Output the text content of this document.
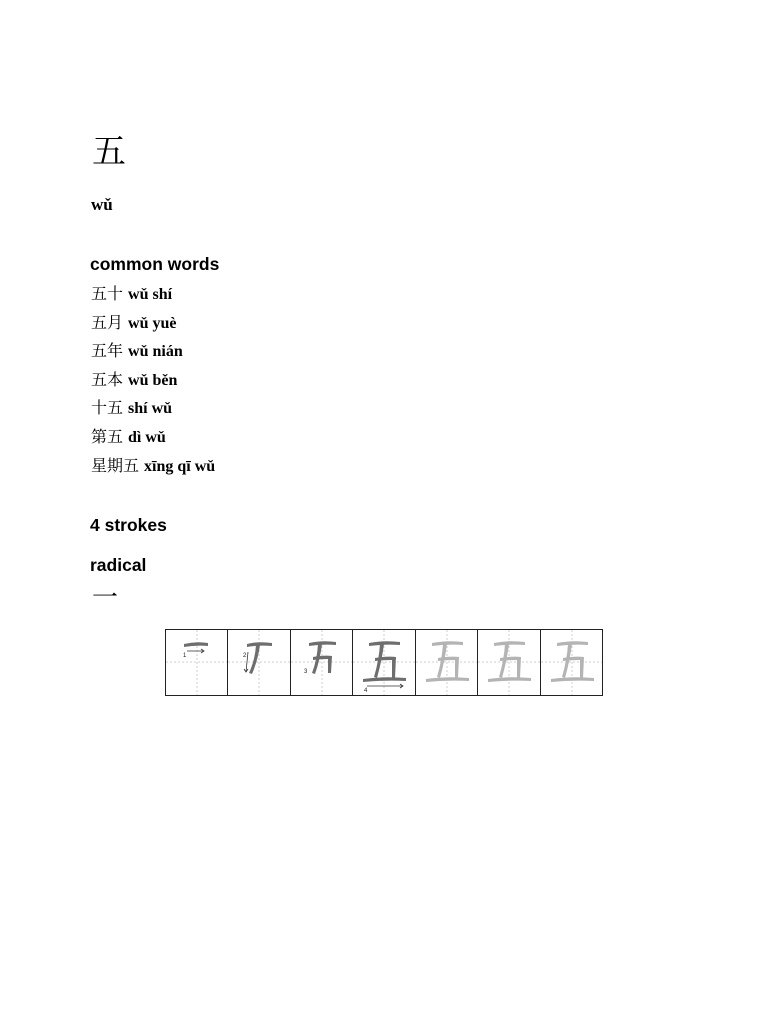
五
wǔ
common words
五十 wǔ shí
五月 wǔ yuè
五年 wǔ nián
五本 wǔ běn
十五 shí wǔ
第五 dì wǔ
星期五 xīng qī wǔ
4 strokes
radical
一
1	2
3
4
